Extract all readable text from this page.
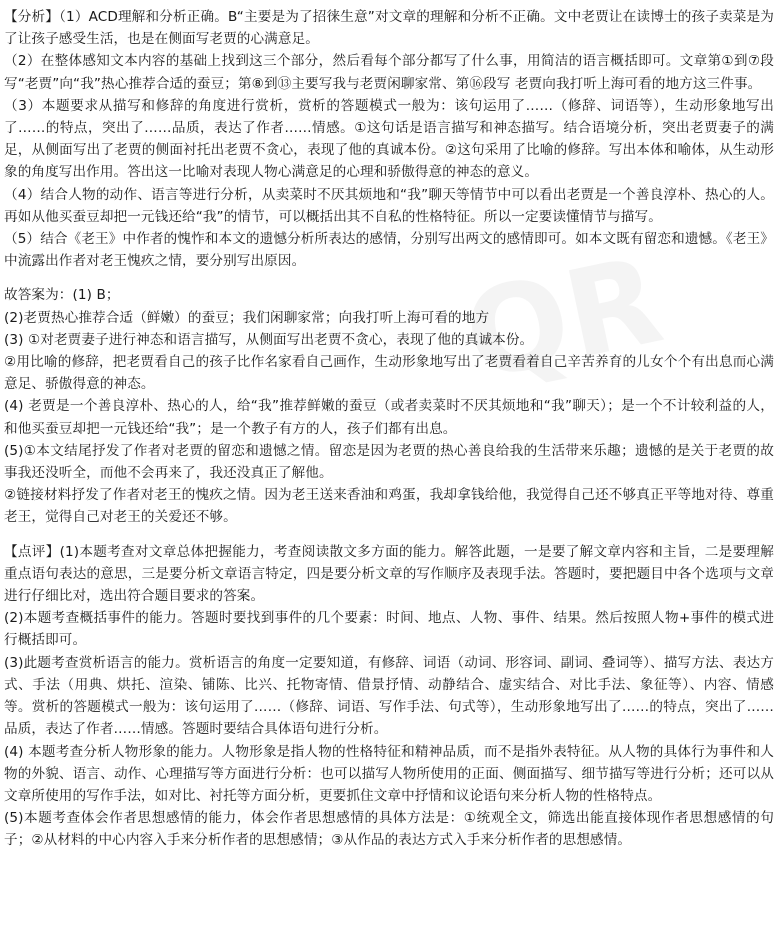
QR

【分析】（1）ACD理解和分析正确。B“主要是为了招徕生意”对文章的理解和分析不正确。文中老贾让在读博士的孩子卖菜是为了让孩子感受生活，也是在侧面写老贾的心满意足。

（2）在整体感知文本内容的基础上找到这三个部分，然后看每个部分都写了什么事，用简洁的语言概括即可。文章第①到⑦段写“老贾”向“我”热心推荐合适的蚕豆；第⑧到⑬主要写我与老贾闲聊家常、第⑯段写 老贾向我打听上海可看的地方这三件事。

（3）本题要求从描写和修辞的角度进行赏析，赏析的答题模式一般为：该句运用了……（修辞、词语等），生动形象地写出了……的特点，突出了……品质，表达了作者……情感。①这句话是语言描写和神态描写。结合语境分析，突出老贾妻子的满足，从侧面写出了老贾的侧面衬托出老贾不贪心，表现了他的真诚本份。②这句采用了比喻的修辞。写出本体和喻体，从生动形象的角度写出作用。答出这一比喻对表现人物心满意足的心理和骄傲得意的神态的意义。

（4）结合人物的动作、语言等进行分析，从卖菜时不厌其烦地和“我”聊天等情节中可以看出老贾是一个善良淳朴、热心的人。再如从他买蚕豆却把一元钱还给“我”的情节，可以概括出其不自私的性格特征。所以一定要读懂情节与描写。

（5）结合《老王》中作者的愧怍和本文的遗憾分析所表达的感情，分别写出两文的感情即可。如本文既有留恋和遗憾。《老王》中流露出作者对老王愧疚之情，要分别写出原因。

故答案为：(1) B；

(2)老贾热心推荐合适（鲜嫩）的蚕豆；我们闲聊家常；向我打听上海可看的地方

(3) ①对老贾妻子进行神态和语言描写，从侧面写出老贾不贪心，表现了他的真诚本份。

②用比喻的修辞，把老贾看自己的孩子比作名家看自己画作，生动形象地写出了老贾看着自己辛苦养育的儿女个个有出息而心满意足、骄傲得意的神态。

(4) 老贾是一个善良淳朴、热心的人，给“我”推荐鲜嫩的蚕豆（或者卖菜时不厌其烦地和“我”聊天）；是一个不计较利益的人，和他买蚕豆却把一元钱还给“我”；是一个教子有方的人，孩子们都有出息。

(5)①本文结尾抒发了作者对老贾的留恋和遗憾之情。留恋是因为老贾的热心善良给我的生活带来乐趣；遗憾的是关于老贾的故事我还没听全，而他不会再来了，我还没真正了解他。

②链接材料抒发了作者对老王的愧疚之情。因为老王送来香油和鸡蛋，我却拿钱给他，我觉得自己还不够真正平等地对待、尊重老王，觉得自己对老王的关爱还不够。

【点评】(1)本题考查对文章总体把握能力，考查阅读散文多方面的能力。解答此题，一是要了解文章内容和主旨，二是要理解重点语句表达的意思，三是要分析文章语言特定，四是要分析文章的写作顺序及表现手法。答题时，要把题目中各个选项与文章进行仔细比对，选出符合题目要求的答案。

(2)本题考查概括事件的能力。答题时要找到事件的几个要素：时间、地点、人物、事件、结果。然后按照人物+事件的模式进行概括即可。

(3)此题考查赏析语言的能力。赏析语言的角度一定要知道，有修辞、词语（动词、形容词、副词、叠词等）、描写方法、表达方式、手法（用典、烘托、渲染、铺陈、比兴、托物寄情、借景抒情、动静结合、虚实结合、对比手法、象征等）、内容、情感等。赏析的答题模式一般为：该句运用了……（修辞、词语、写作手法、句式等），生动形象地写出了……的特点，突出了……品质，表达了作者……情感。答题时要结合具体语句进行分析。

(4) 本题考查分析人物形象的能力。人物形象是指人物的性格特征和精神品质，而不是指外表特征。从人物的具体行为事件和人物的外貌、语言、动作、心理描写等方面进行分析：也可以描写人物所使用的正面、侧面描写、细节描写等进行分析；还可以从文章所使用的写作手法，如对比、衬托等方面分析，更要抓住文章中抒情和议论语句来分析人物的性格特点。

(5)本题考查体会作者思想感情的能力，体会作者思想感情的具体方法是：①统观全文，筛选出能直接体现作者思想感情的句子；②从材料的中心内容入手来分析作者的思想感情；③从作品的表达方式入手来分析作者的思想感情。
